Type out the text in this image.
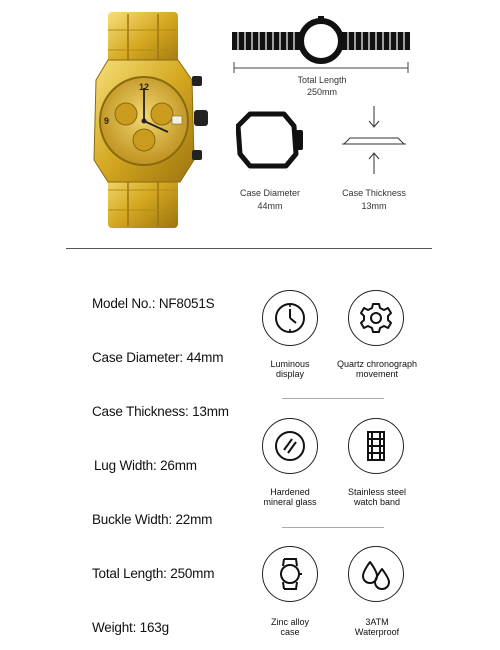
12
9
Total Length
250mm
Case Diameter
44mm
Case Thickness
13mm
Model No.: NF8051S
Case Diameter: 44mm
Case Thickness: 13mm
Lug Width: 26mm
Buckle Width: 22mm
Total Length: 250mm
Weight: 163g
Luminous
display
Quartz chronograph
movement
Hardened
mineral glass
Stainless steel
watch band
Zinc alloy
case
3ATM
Waterproof
